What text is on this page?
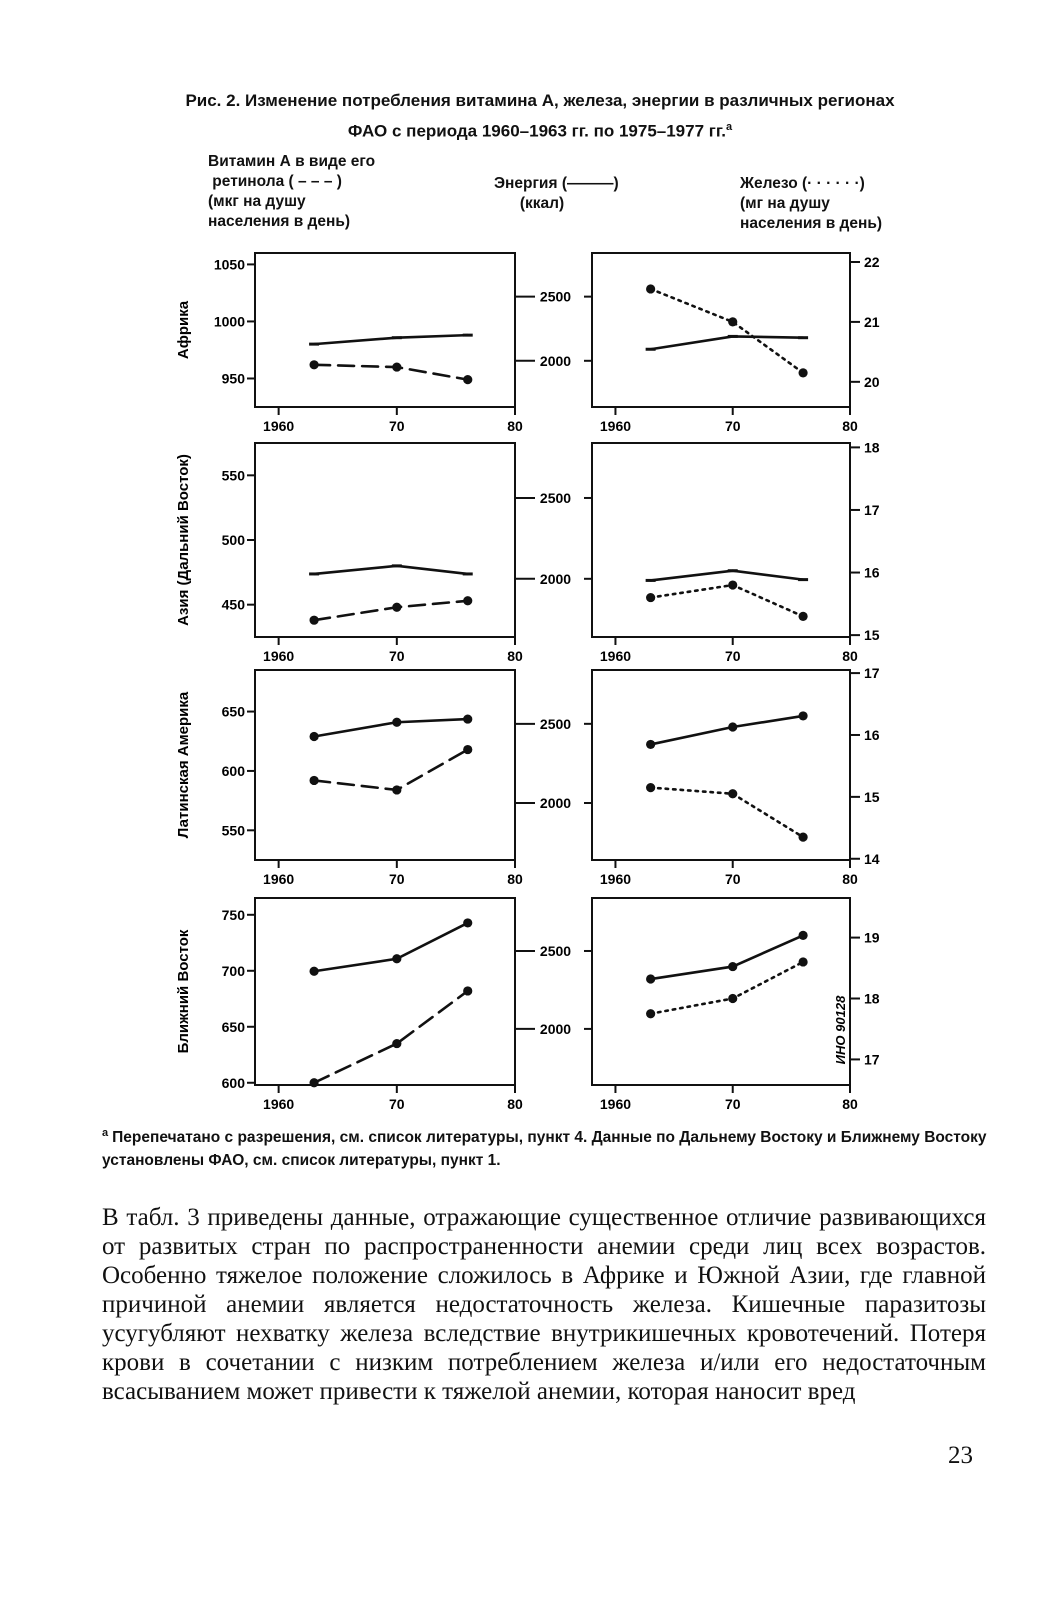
Рис. 2. Изменение потребления витамина А, железа, энергии в различных регионах
ФАО с периода 1960–1963 гг. по 1975–1977 гг.$^a$
Витамин А в виде его
ретинола ( – – – )
(мкг на душу
населения в день)
Энергия (———)
(ккал)
Железо (· · · · · ·)
(мг на душу
населения в день)
Африка
1960	70	80	1960	70	80
950
1000
1050
2000
2500
20
21
22
Азия (Дальний Восток)
1960	70	80	1960	70	80
450
500
550
2000
2500
15
16
17
18
Латинская Америка
1960	70	80	1960	70	80
550
600
650
2000
2500
14
15
16
17
Ближний Восток
1960	70	80	1960	70	80
600
650
700
750
2000
2500
17
18
19
ИНО 90128
$^a$ Перепечатано с разрешения, см. список литературы, пункт 4. Данные по Дальнему Востоку и Ближнему Востоку установлены ФАО, см. список литературы, пункт 1.
В табл. 3 приведены данные, отражающие существенное отличие развивающихся от развитых стран по распространенности анемии среди лиц всех возрастов. Особенно тяжелое положение сложилось в Африке и Южной Азии, где главной причиной анемии является недостаточность железа. Кишечные паразитозы усугубляют нехватку железа вследствие внутрикишечных кровотечений. Потеря крови в сочетании с низким потреблением железа и/или его недостаточным всасыванием может привести к тяжелой анемии, которая наносит вред
23
